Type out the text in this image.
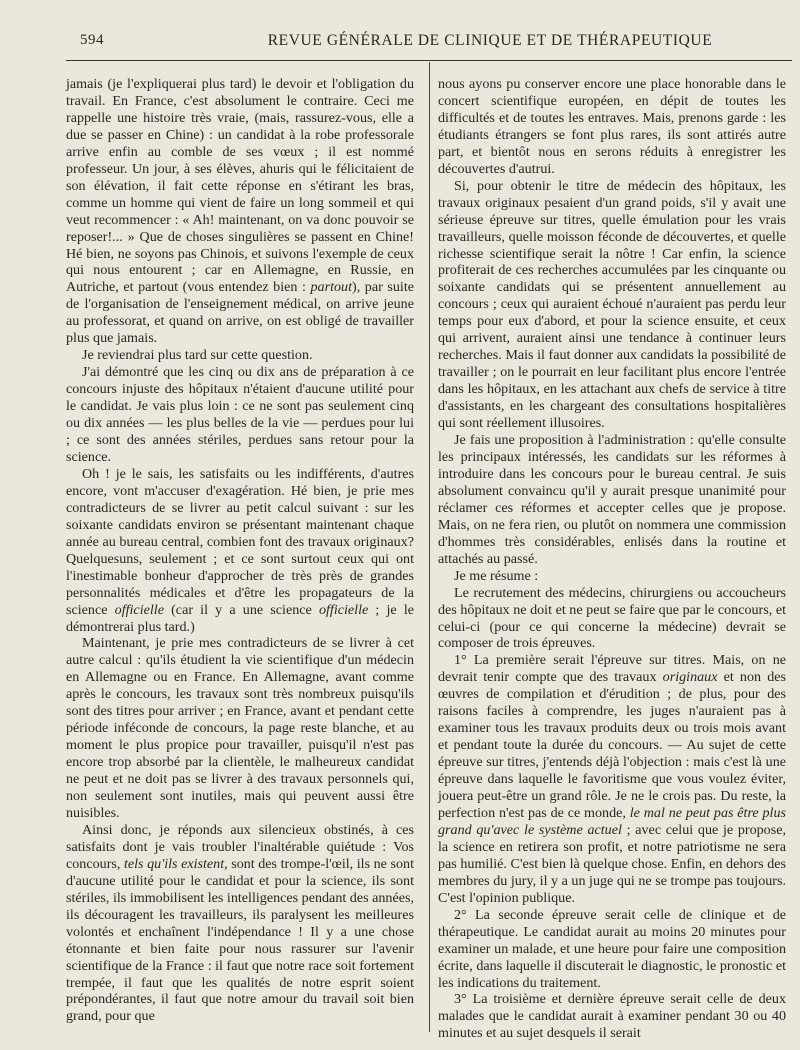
594	REVUE GÉNÉRALE DE CLINIQUE ET DE THÉRAPEUTIQUE

jamais (je l'expliquerai plus tard) le devoir et l'obligation du travail. En France, c'est absolument le contraire. Ceci me rappelle une histoire très vraie, (mais, rassurez-vous, elle a due se passer en Chine) : un candidat à la robe professorale arrive enfin au comble de ses vœux ; il est nommé professeur. Un jour, à ses élèves, ahuris qui le félicitaient de son élévation, il fait cette réponse en s'étirant les bras, comme un homme qui vient de faire un long sommeil et qui veut recommencer : « Ah! maintenant, on va donc pouvoir se reposer!... » Que de choses singulières se passent en Chine! Hé bien, ne soyons pas Chinois, et suivons l'exemple de ceux qui nous entourent ; car en Allemagne, en Russie, en Autriche, et partout (vous entendez bien : partout), par suite de l'organisation de l'enseignement médical, on arrive jeune au professorat, et quand on arrive, on est obligé de travailler plus que jamais.

Je reviendrai plus tard sur cette question.

J'ai démontré que les cinq ou dix ans de préparation à ce concours injuste des hôpitaux n'étaient d'aucune utilité pour le candidat. Je vais plus loin : ce ne sont pas seulement cinq ou dix années — les plus belles de la vie — perdues pour lui ; ce sont des années stériles, perdues sans retour pour la science.

Oh ! je le sais, les satisfaits ou les indifférents, d'autres encore, vont m'accuser d'exagération. Hé bien, je prie mes contradicteurs de se livrer au petit calcul suivant : sur les soixante candidats environ se présentant maintenant chaque année au bureau central, combien font des travaux originaux? Quelquesuns, seulement ; et ce sont surtout ceux qui ont l'inestimable bonheur d'approcher de très près de grandes personnalités médicales et d'être les propagateurs de la science officielle (car il y a une science officielle ; je le démontrerai plus tard.)

Maintenant, je prie mes contradicteurs de se livrer à cet autre calcul : qu'ils étudient la vie scientifique d'un médecin en Allemagne ou en France. En Allemagne, avant comme après le concours, les travaux sont très nombreux puisqu'ils sont des titres pour arriver ; en France, avant et pendant cette période inféconde de concours, la page reste blanche, et au moment le plus propice pour travailler, puisqu'il n'est pas encore trop absorbé par la clientèle, le malheureux candidat ne peut et ne doit pas se livrer à des travaux personnels qui, non seulement sont inutiles, mais qui peuvent aussi être nuisibles.

Ainsi donc, je réponds aux silencieux obstinés, à ces satisfaits dont je vais troubler l'inaltérable quiétude : Vos concours, tels qu'ils existent, sont des trompe-l'œil, ils ne sont d'aucune utilité pour le candidat et pour la science, ils sont stériles, ils immobilisent les intelligences pendant des années, ils découragent les travailleurs, ils paralysent les meilleures volontés et enchaînent l'indépendance ! Il y a une chose étonnante et bien faite pour nous rassurer sur l'avenir scientifique de la France : il faut que notre race soit fortement trempée, il faut que les qualités de notre esprit soient prépondérantes, il faut que notre amour du travail soit bien grand, pour que

nous ayons pu conserver encore une place honorable dans le concert scientifique européen, en dépit de toutes les difficultés et de toutes les entraves. Mais, prenons garde : les étudiants étrangers se font plus rares, ils sont attirés autre part, et bientôt nous en serons réduits à enregistrer les découvertes d'autrui.

Si, pour obtenir le titre de médecin des hôpitaux, les travaux originaux pesaient d'un grand poids, s'il y avait une sérieuse épreuve sur titres, quelle émulation pour les vrais travailleurs, quelle moisson féconde de découvertes, et quelle richesse scientifique serait la nôtre ! Car enfin, la science profiterait de ces recherches accumulées par les cinquante ou soixante candidats qui se présentent annuellement au concours ; ceux qui auraient échoué n'auraient pas perdu leur temps pour eux d'abord, et pour la science ensuite, et ceux qui arrivent, auraient ainsi une tendance à continuer leurs recherches. Mais il faut donner aux candidats la possibilité de travailler ; on le pourrait en leur facilitant plus encore l'entrée dans les hôpitaux, en les attachant aux chefs de service à titre d'assistants, en les chargeant des consultations hospitalières qui sont réellement illusoires.

Je fais une proposition à l'administration : qu'elle consulte les principaux intéressés, les candidats sur les réformes à introduire dans les concours pour le bureau central. Je suis absolument convaincu qu'il y aurait presque unanimité pour réclamer ces réformes et accepter celles que je propose. Mais, on ne fera rien, ou plutôt on nommera une commission d'hommes très considérables, enlisés dans la routine et attachés au passé.

Je me résume :

Le recrutement des médecins, chirurgiens ou accoucheurs des hôpitaux ne doit et ne peut se faire que par le concours, et celui-ci (pour ce qui concerne la médecine) devrait se composer de trois épreuves.

1° La première serait l'épreuve sur titres. Mais, on ne devrait tenir compte que des travaux originaux et non des œuvres de compilation et d'érudition ; de plus, pour des raisons faciles à comprendre, les juges n'auraient pas à examiner tous les travaux produits deux ou trois mois avant et pendant toute la durée du concours. — Au sujet de cette épreuve sur titres, j'entends déjà l'objection : mais c'est là une épreuve dans laquelle le favoritisme que vous voulez éviter, jouera peut-être un grand rôle. Je ne le crois pas. Du reste, la perfection n'est pas de ce monde, le mal ne peut pas être plus grand qu'avec le système actuel ; avec celui que je propose, la science en retirera son profit, et notre patriotisme ne sera pas humilié. C'est bien là quelque chose. Enfin, en dehors des membres du jury, il y a un juge qui ne se trompe pas toujours. C'est l'opinion publique.

2° La seconde épreuve serait celle de clinique et de thérapeutique. Le candidat aurait au moins 20 minutes pour examiner un malade, et une heure pour faire une composition écrite, dans laquelle il discuterait le diagnostic, le pronostic et les indications du traitement.

3° La troisième et dernière épreuve serait celle de deux malades que le candidat aurait à examiner pendant 30 ou 40 minutes et au sujet desquels il serait
